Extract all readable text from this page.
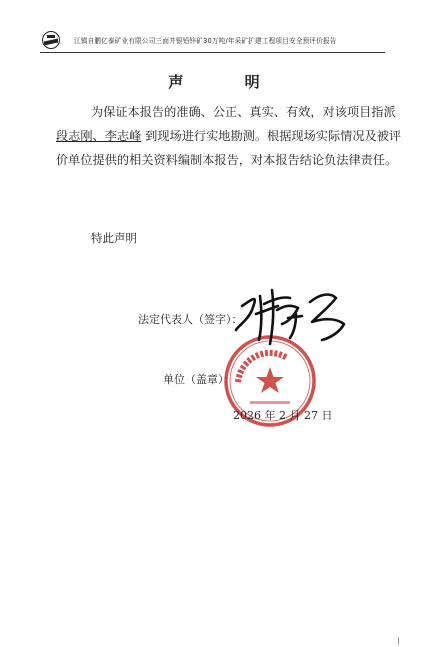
江镇自鹏亿泰矿业有限公司三面井银铅锌矿30万吨/年采矿扩建工程项目安全预评价报告
声 明
为保证本报告的准确、公正、真实、有效，对该项目指派
段志刚、李志峰 到现场进行实地勘测。根据现场实际情况及被评
价单位提供的相关资料编制本报告，对本报告结论负法律责任。
特此声明
法定代表人（签字）：
▮▮▮▮▮▮▮▮▮▮▮▮▮▮
单位（盖章）：
2026 年 2 月 27 日
